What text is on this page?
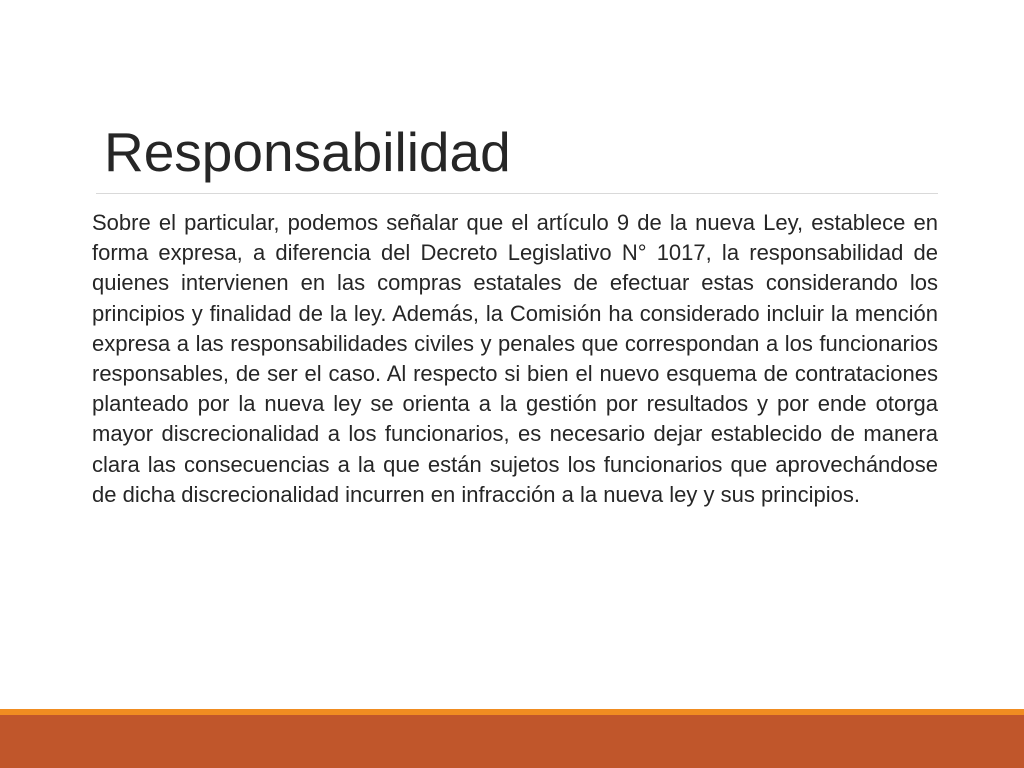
Responsabilidad

Sobre el particular, podemos señalar que el artículo 9 de la nueva Ley, establece en forma expresa, a diferencia del Decreto Legislativo N° 1017, la responsabilidad de quienes intervienen en las compras estatales de efectuar estas considerando los principios y finalidad de la ley. Además, la Comisión ha considerado incluir la mención expresa a las responsabilidades civiles y penales que correspondan a los funcionarios responsables, de ser el caso. Al respecto si bien el nuevo esquema de contrataciones planteado por la nueva ley se orienta a la gestión por resultados y por ende otorga mayor discrecionalidad a los funcionarios, es necesario dejar establecido de manera clara las consecuencias a la que están sujetos los funcionarios que aprovechándose de dicha discrecionalidad incurren en infracción a la nueva ley y sus principios.
